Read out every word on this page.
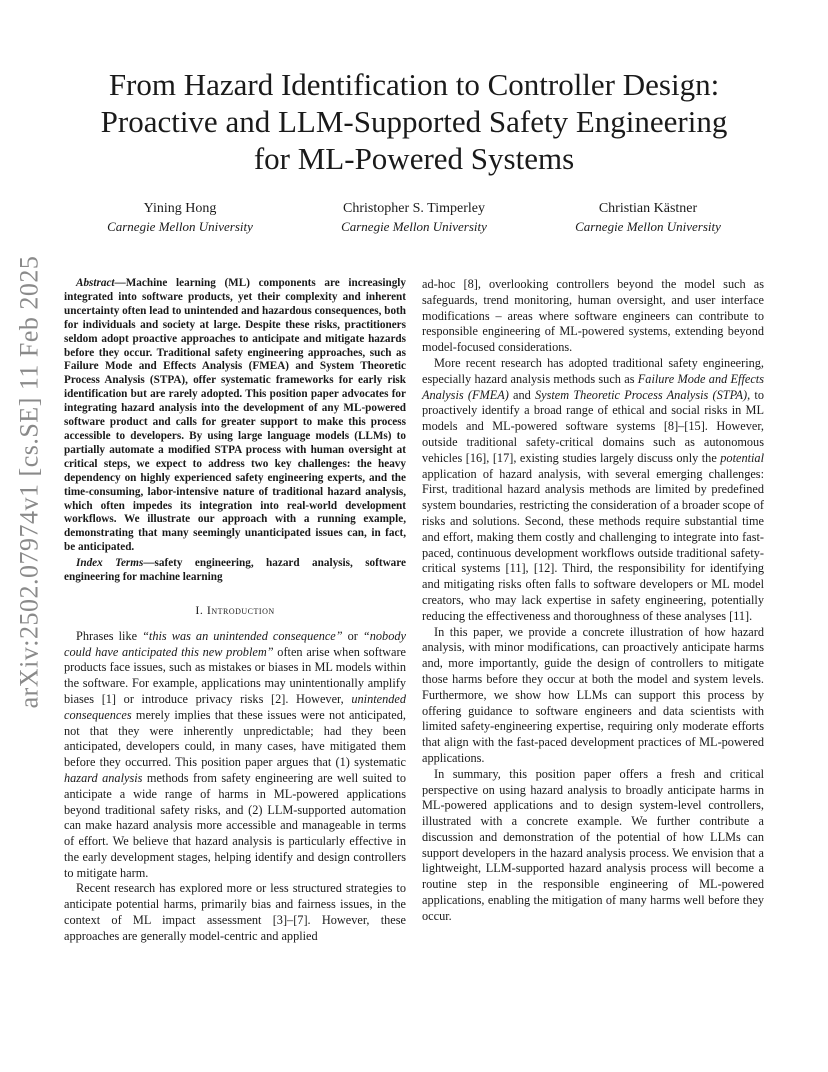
arXiv:2502.07974v1 [cs.SE] 11 Feb 2025
From Hazard Identification to Controller Design:
Proactive and LLM-Supported Safety Engineering
for ML-Powered Systems
Yining Hong
Carnegie Mellon University
Christopher S. Timperley
Carnegie Mellon University
Christian Kästner
Carnegie Mellon University

Abstract—Machine learning (ML) components are increasingly integrated into software products, yet their complexity and inherent uncertainty often lead to unintended and hazardous consequences, both for individuals and society at large. Despite these risks, practitioners seldom adopt proactive approaches to anticipate and mitigate hazards before they occur. Traditional safety engineering approaches, such as Failure Mode and Effects Analysis (FMEA) and System Theoretic Process Analysis (STPA), offer systematic frameworks for early risk identification but are rarely adopted. This position paper advocates for integrating hazard analysis into the development of any ML-powered software product and calls for greater support to make this process accessible to developers. By using large language models (LLMs) to partially automate a modified STPA process with human oversight at critical steps, we expect to address two key challenges: the heavy dependency on highly experienced safety engineering experts, and the time-consuming, labor-intensive nature of traditional hazard analysis, which often impedes its integration into real-world development workflows. We illustrate our approach with a running example, demonstrating that many seemingly unanticipated issues can, in fact, be anticipated.

Index Terms—safety engineering, hazard analysis, software engineering for machine learning

I. Introduction

Phrases like “this was an unintended consequence” or “nobody could have anticipated this new problem” often arise when software products face issues, such as mistakes or biases in ML models within the software. For example, applications may unintentionally amplify biases [1] or introduce privacy risks [2]. However, unintended consequences merely implies that these issues were not anticipated, not that they were inherently unpredictable; had they been anticipated, developers could, in many cases, have mitigated them before they occurred. This position paper argues that (1) systematic hazard analysis methods from safety engineering are well suited to anticipate a wide range of harms in ML-powered applications beyond traditional safety risks, and (2) LLM-supported automation can make hazard analysis more accessible and manageable in terms of effort. We believe that hazard analysis is particularly effective in the early development stages, helping identify and design controllers to mitigate harm.

Recent research has explored more or less structured strategies to anticipate potential harms, primarily bias and fairness issues, in the context of ML impact assessment [3]–[7]. However, these approaches are generally model-centric and applied

ad-hoc [8], overlooking controllers beyond the model such as safeguards, trend monitoring, human oversight, and user interface modifications – areas where software engineers can contribute to responsible engineering of ML-powered systems, extending beyond model-focused considerations.

More recent research has adopted traditional safety engineering, especially hazard analysis methods such as Failure Mode and Effects Analysis (FMEA) and System Theoretic Process Analysis (STPA), to proactively identify a broad range of ethical and social risks in ML models and ML-powered software systems [8]–[15]. However, outside traditional safety-critical domains such as autonomous vehicles [16], [17], existing studies largely discuss only the potential application of hazard analysis, with several emerging challenges: First, traditional hazard analysis methods are limited by predefined system boundaries, restricting the consideration of a broader scope of risks and solutions. Second, these methods require substantial time and effort, making them costly and challenging to integrate into fast-paced, continuous development workflows outside traditional safety-critical systems [11], [12]. Third, the responsibility for identifying and mitigating risks often falls to software developers or ML model creators, who may lack expertise in safety engineering, potentially reducing the effectiveness and thoroughness of these analyses [11].

In this paper, we provide a concrete illustration of how hazard analysis, with minor modifications, can proactively anticipate harms and, more importantly, guide the design of controllers to mitigate those harms before they occur at both the model and system levels. Furthermore, we show how LLMs can support this process by offering guidance to software engineers and data scientists with limited safety-engineering expertise, requiring only moderate efforts that align with the fast-paced development practices of ML-powered applications.

In summary, this position paper offers a fresh and critical perspective on using hazard analysis to broadly anticipate harms in ML-powered applications and to design system-level controllers, illustrated with a concrete example. We further contribute a discussion and demonstration of the potential of how LLMs can support developers in the hazard analysis process. We envision that a lightweight, LLM-supported hazard analysis process will become a routine step in the responsible engineering of ML-powered applications, enabling the mitigation of many harms well before they occur.
